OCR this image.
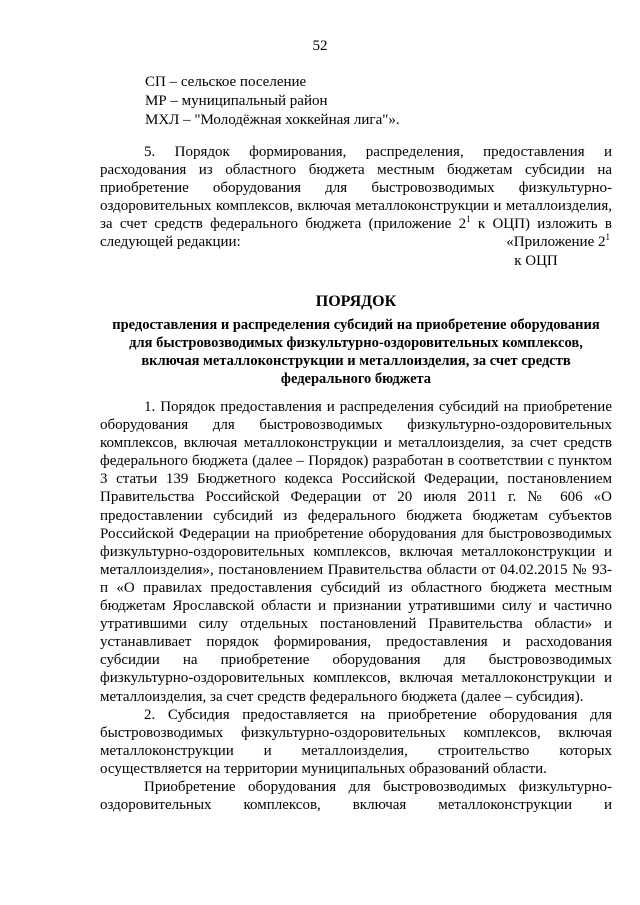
52
СП – сельское поселение
МР – муниципальный район
МХЛ – "Молодёжная хоккейная лига"».
5. Порядок формирования, распределения, предоставления и расходования из областного бюджета местным бюджетам субсидии на приобретение оборудования для быстровозводимых физкультурно-оздоровительных комплексов, включая металлоконструкции и металлоизделия, за счет средств федерального бюджета (приложение $2^1$ к ОЦП) изложить в следующей редакции:	«Приложение $2^1$
к ОЦП
ПОРЯДОК
предоставления и распределения субсидий на приобретение оборудования для быстровозводимых физкультурно-оздоровительных комплексов, включая металлоконструкции и металлоизделия, за счет средств федерального бюджета

1. Порядок предоставления и распределения субсидий на приобретение оборудования для быстровозводимых физкультурно-оздоровительных комплексов, включая металлоконструкции и металлоизделия, за счет средств федерального бюджета (далее – Порядок) разработан в соответствии с пунктом 3 статьи 139 Бюджетного кодекса Российской Федерации, постановлением Правительства Российской Федерации от 20 июля 2011 г. № 606 «О предоставлении субсидий из федерального бюджета бюджетам субъектов Российской Федерации на приобретение оборудования для быстровозводимых физкультурно-оздоровительных комплексов, включая металлоконструкции и металлоизделия», постановлением Правительства области от 04.02.2015 № 93-п «О правилах предоставления субсидий из областного бюджета местным бюджетам Ярославской области и признании утратившими силу и частично утратившими силу отдельных постановлений Правительства области» и устанавливает порядок формирования, предоставления и расходования субсидии на приобретение оборудования для быстровозводимых физкультурно-оздоровительных комплексов, включая металлоконструкции и металлоизделия, за счет средств федерального бюджета (далее – субсидия).

2. Субсидия предоставляется на приобретение оборудования для быстровозводимых физкультурно-оздоровительных комплексов, включая металлоконструкции и металлоизделия, строительство которых осуществляется на территории муниципальных образований области.

Приобретение оборудования для быстровозводимых физкультурно-оздоровительных комплексов, включая металлоконструкции и
